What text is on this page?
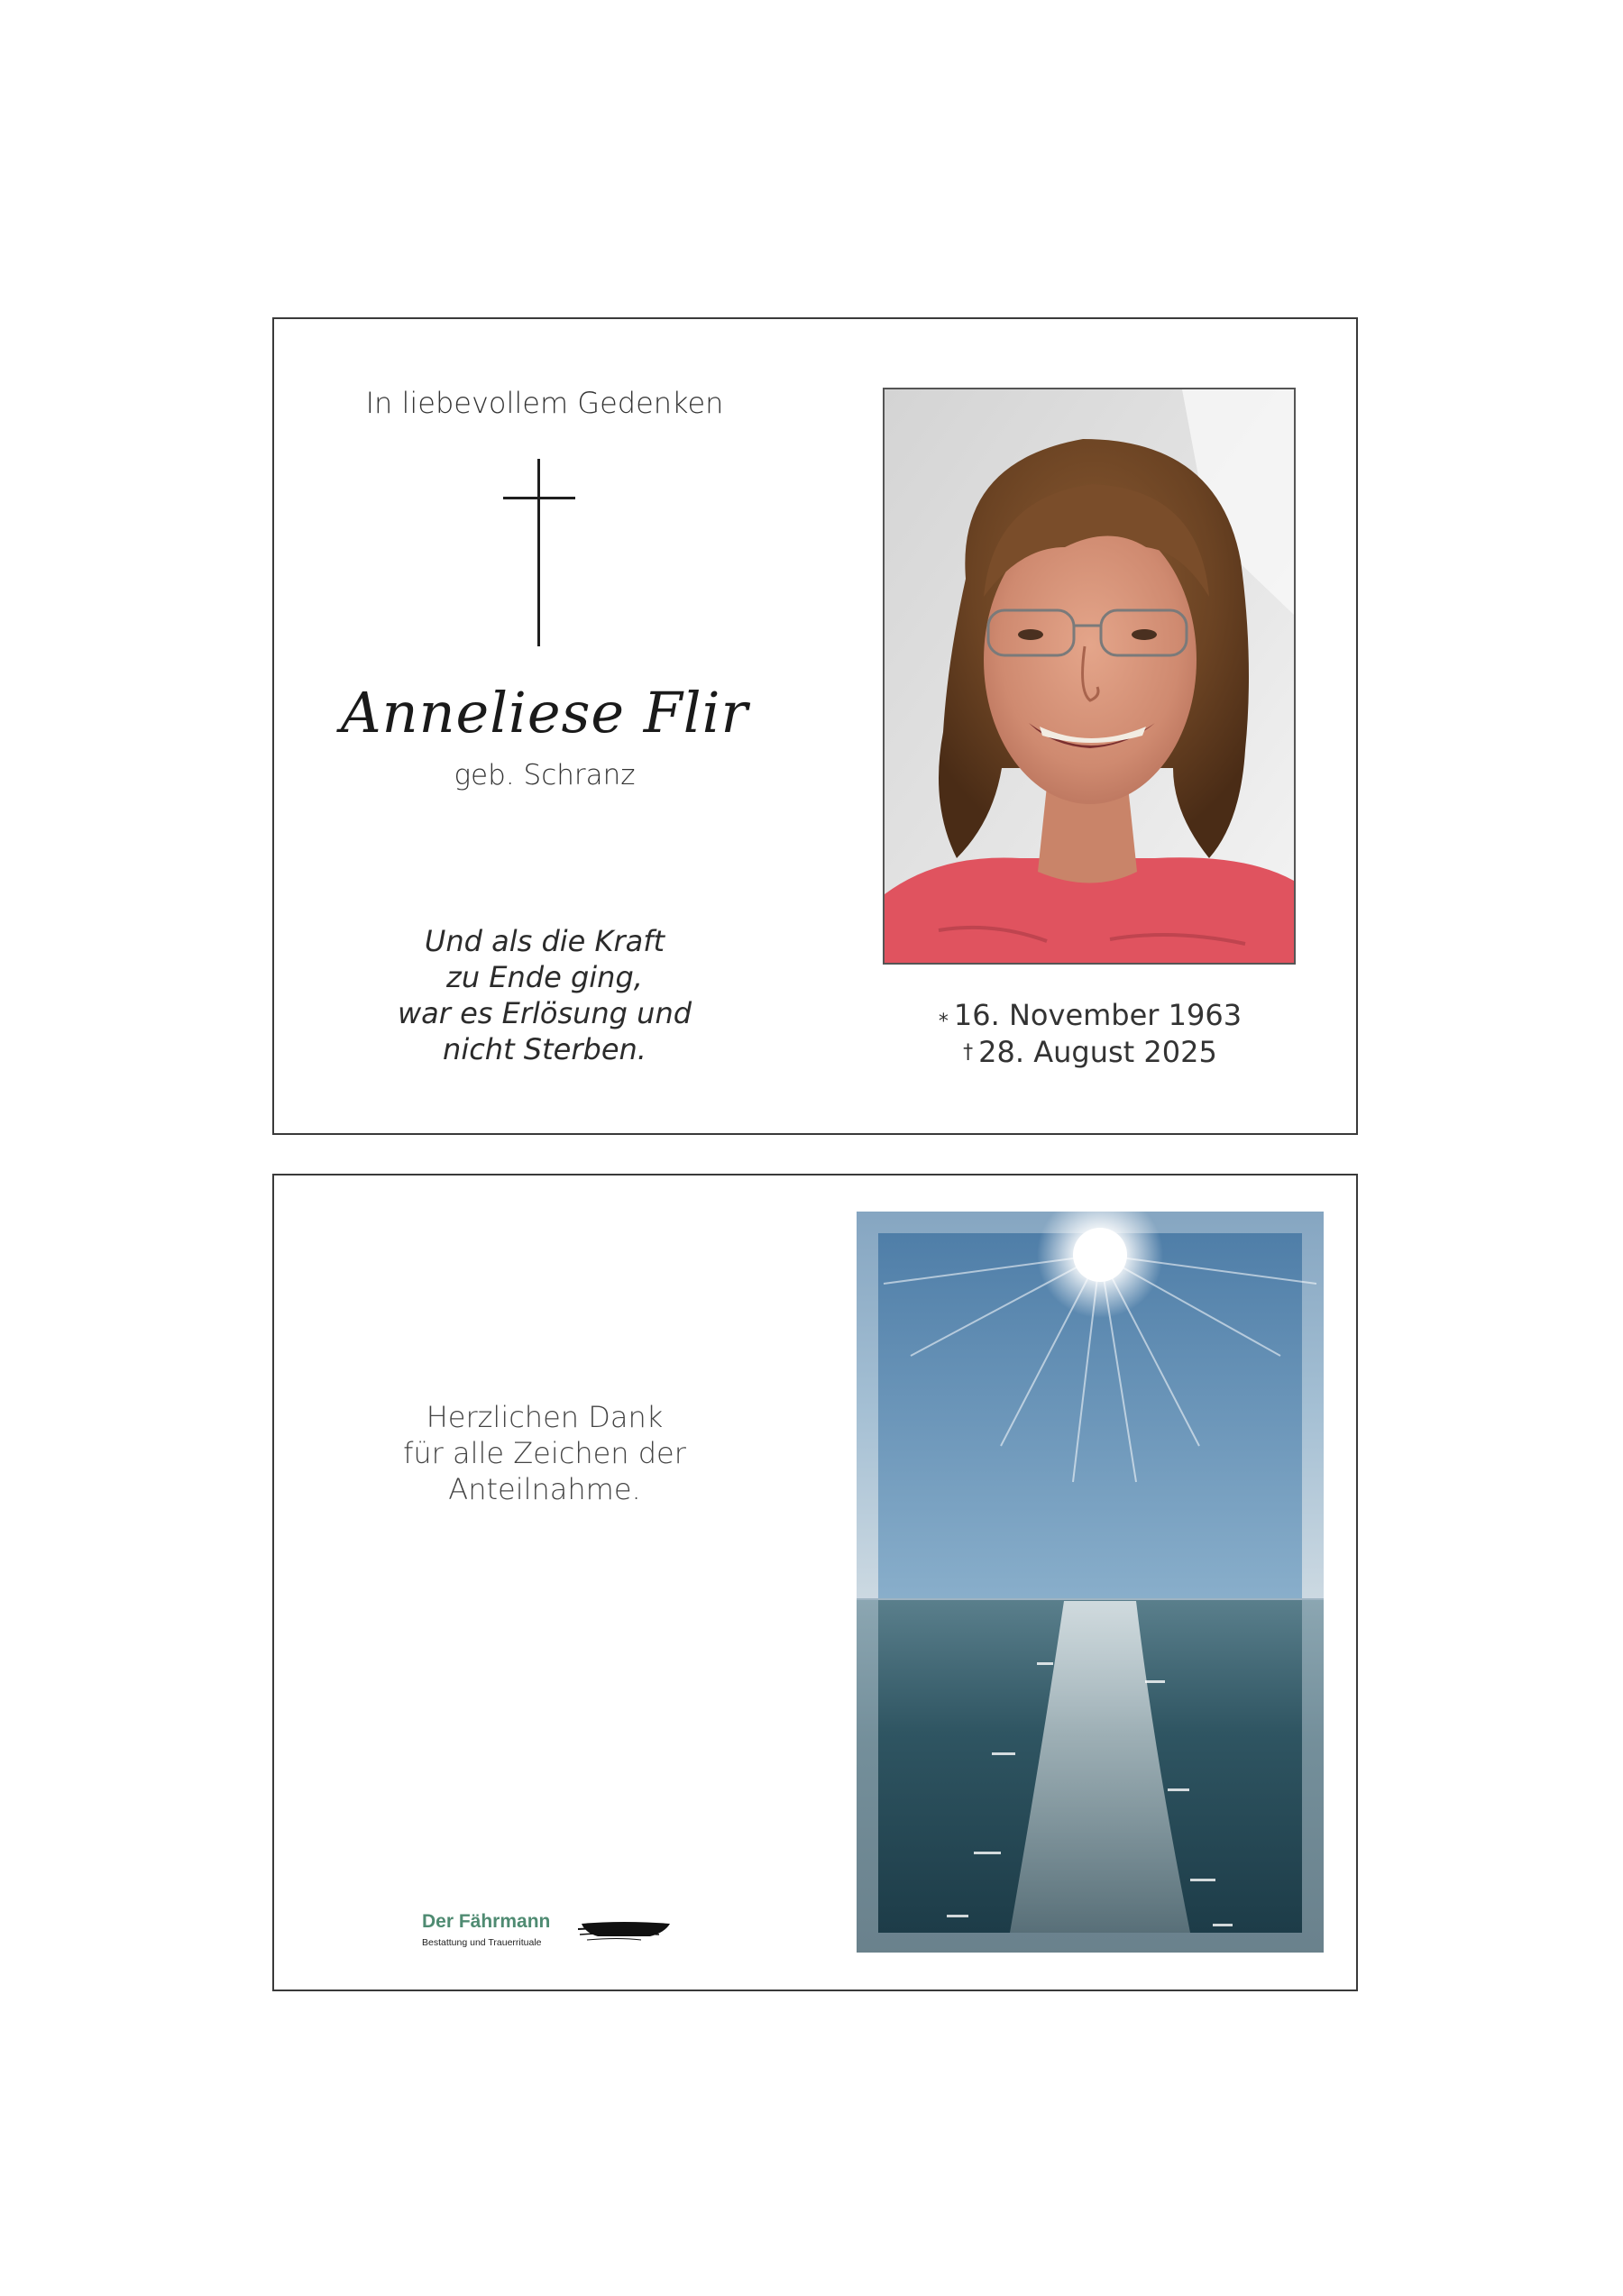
In liebevollem Gedenken
Anneliese Flir
geb. Schranz
Und als die Kraft
zu Ende ging,
war es Erlösung und
nicht Sterben.
⁎ 16. November 1963
† 28. August 2025
Herzlichen Dank
für alle Zeichen der
Anteilnahme.
Der Fährmann
Bestattung und Trauerrituale
